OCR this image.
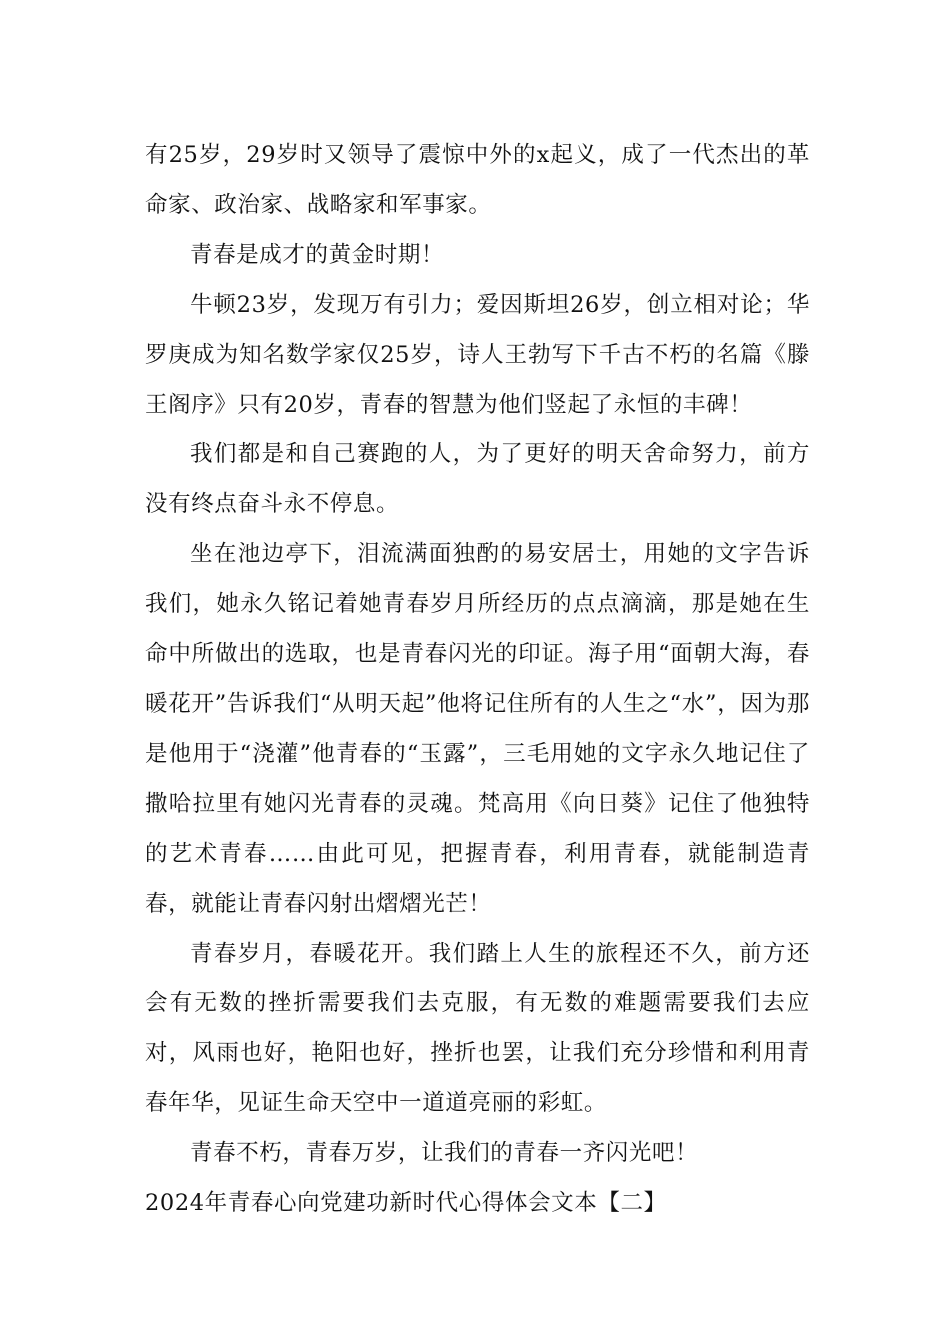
有25岁，29岁时又领导了震惊中外的x起义，成了一代杰出的革命家、政治家、战略家和军事家。

青春是成才的黄金时期！

牛顿23岁，发现万有引力；爱因斯坦26岁，创立相对论；华罗庚成为知名数学家仅25岁，诗人王勃写下千古不朽的名篇《滕王阁序》只有20岁，青春的智慧为他们竖起了永恒的丰碑！

我们都是和自己赛跑的人，为了更好的明天舍命努力，前方没有终点奋斗永不停息。

坐在池边亭下，泪流满面独酌的易安居士，用她的文字告诉我们，她永久铭记着她青春岁月所经历的点点滴滴，那是她在生命中所做出的选取，也是青春闪光的印证。海子用“面朝大海，春暖花开”告诉我们“从明天起”他将记住所有的人生之“水”，因为那是他用于“浇灌”他青春的“玉露”，三毛用她的文字永久地记住了撒哈拉里有她闪光青春的灵魂。梵高用《向日葵》记住了他独特的艺术青春……由此可见，把握青春，利用青春，就能制造青春，就能让青春闪射出熠熠光芒！

青春岁月，春暖花开。我们踏上人生的旅程还不久，前方还会有无数的挫折需要我们去克服，有无数的难题需要我们去应对，风雨也好，艳阳也好，挫折也罢，让我们充分珍惜和利用青春年华，见证生命天空中一道道亮丽的彩虹。

青春不朽，青春万岁，让我们的青春一齐闪光吧！

2024年青春心向党建功新时代心得体会文本【二】
